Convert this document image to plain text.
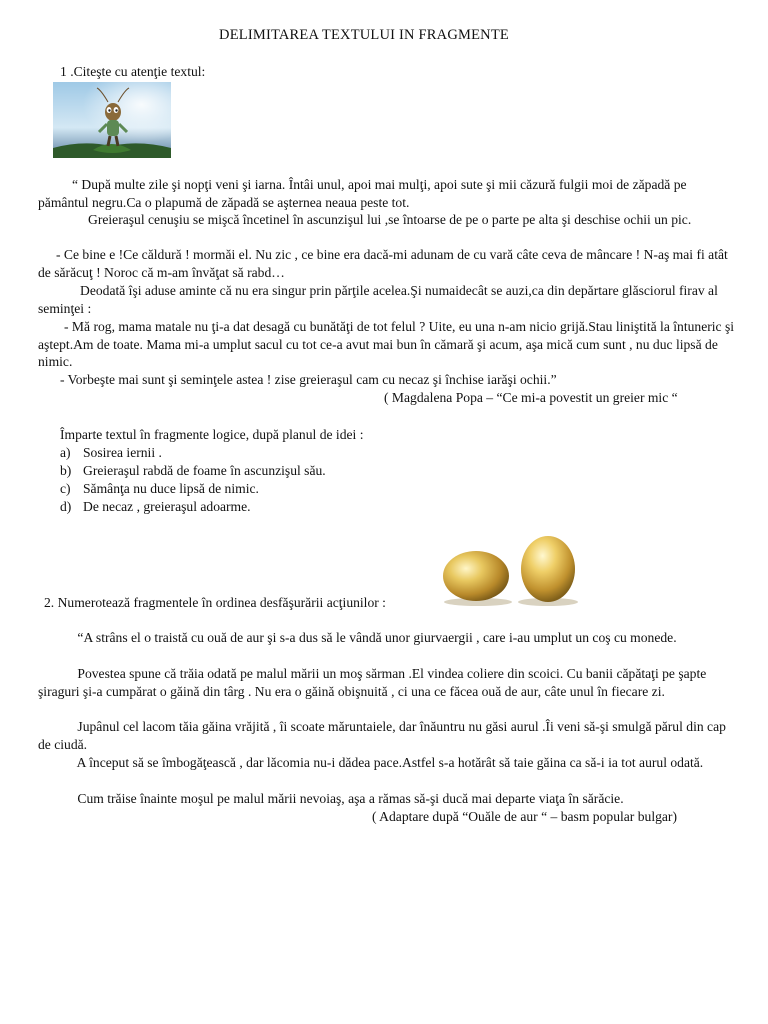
DELIMITAREA TEXTULUI IN FRAGMENTE
1 .Citeşte cu atenţie textul:
“ După multe zile şi nopţi veni şi iarna. Întâi unul, apoi mai mulţi, apoi sute şi mii căzură fulgii moi de zăpadă pe pământul negru.Ca o plapumă de zăpadă se aşternea neaua peste tot.
Greieraşul cenuşiu se mişcă încetinel în ascunzişul lui ,se întoarse de pe o parte pe alta şi deschise ochii un pic.
- Ce bine e !Ce căldură ! mormăi el. Nu zic , ce bine era dacă-mi adunam de cu vară câte ceva de mâncare ! N-aş mai fi atât de sărăcuţ ! Noroc că m-am învăţat să rabd…
Deodată îşi aduse aminte că nu era singur prin părţile acelea.Şi numaidecât se auzi,ca din depărtare glăsciorul firav al seminţei :
- Mă rog, mama matale nu ţi-a dat desagă cu bunătăţi de tot felul ? Uite, eu una n-am nicio grijă.Stau liniştită la întuneric şi aştept.Am de toate. Mama mi-a umplut sacul cu tot ce-a avut mai bun în cămară şi acum, aşa mică cum sunt , nu duc lipsă de nimic.
- Vorbeşte mai sunt şi seminţele astea ! zise greieraşul cam cu necaz şi închise iarăşi ochii.”
( Magdalena Popa – “Ce mi-a povestit un greier mic “
Împarte textul în fragmente logice, după planul de idei :
a) Sosirea iernii .
b) Greieraşul rabdă de foame în ascunzişul său.
c) Sămânţa nu duce lipsă de nimic.
d) De necaz , greieraşul adoarme.
2. Numerotează fragmentele în ordinea desfăşurării acţiunilor :
“A strâns el o traistă cu ouă de aur şi s-a dus să le vândă unor giurvaergii , care i-au umplut un coş cu monede.
Povestea spune că trăia odată pe malul mării un moş sărman .El vindea coliere din scoici. Cu banii căpătaţi pe şapte şiraguri şi-a cumpărat o găină din târg . Nu era o găină obişnuită , ci una ce făcea ouă de aur, câte unul în fiecare zi.
Jupânul cel lacom tăia găina vrăjită , îi scoate măruntaiele, dar înăuntru nu găsi aurul .Îi veni să-şi smulgă părul din cap de ciudă.
A început să se îmbogăţească , dar lăcomia nu-i dădea pace.Astfel s-a hotărât să taie găina ca să-i ia tot aurul odată.
Cum trăise înainte moşul pe malul mării nevoiaş, aşa a rămas să-şi ducă mai departe viaţa în sărăcie.
( Adaptare după “Ouăle de aur “ – basm popular bulgar)
